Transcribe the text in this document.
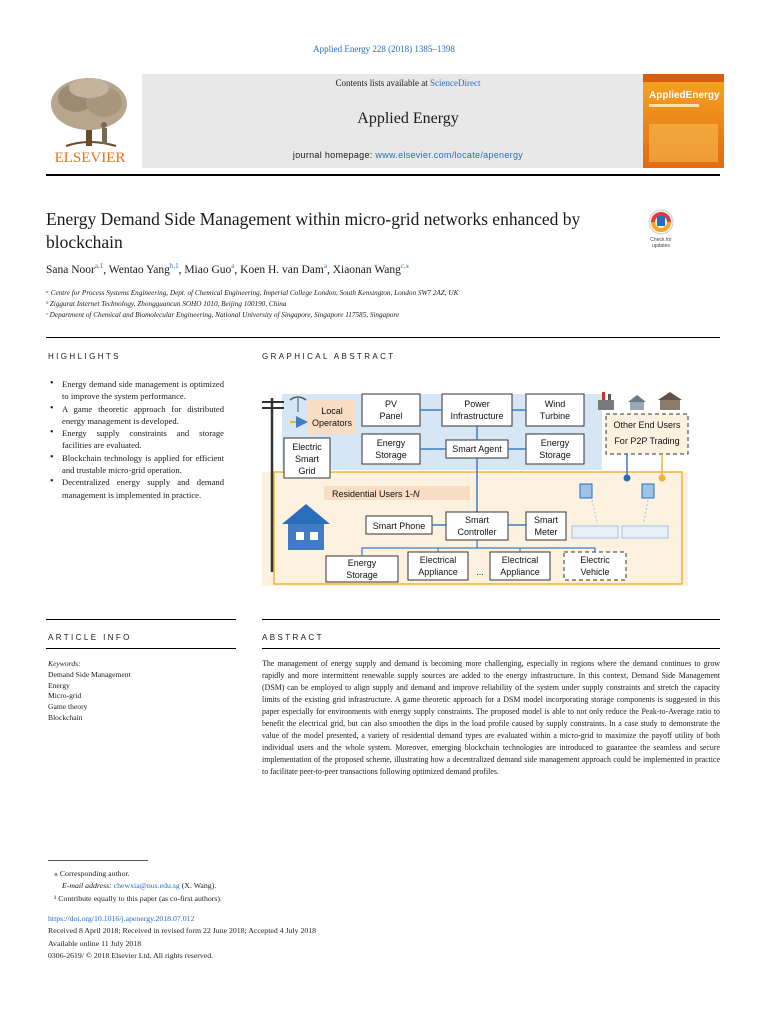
Applied Energy 228 (2018) 1385–1398
ELSEVIER
Contents lists available at ScienceDirect
Applied Energy
journal homepage: www.elsevier.com/locate/apenergy
AppliedEnergy
Energy Demand Side Management within micro-grid networks enhanced by blockchain	Check for
updates
Sana Noor$^{a,1}$, Wentao Yang$^{b,1}$, Miao Guo$^a$, Koen H. van Dam$^a$, Xiaonan Wang$^{c,⁎}$
ᵃ Centre for Process Systems Engineering, Dept. of Chemical Engineering, Imperial College London, South Kensington, London SW7 2AZ, UK
ᵇ Ziggurat Internet Technology, Zhongguancun SOHO 1010, Beijing 100190, China
ᶜ Department of Chemical and Biomolecular Engineering, National University of Singapore, Singapore 117585, Singapore
HIGHLIGHTS	GRAPHICAL ABSTRACT
• Energy demand side management is optimized to improve the system performance.
• A game theoretic approach for distributed energy management is developed.
• Energy supply constraints and storage facilities are evaluated.
• Blockchain technology is applied for efficient and trustable micro-grid operation.
• Decentralized energy supply and demand management is implemented in practice.
Local
Operators
Electric
Smart
Grid
PV
Panel
Power
Infrastructure
Wind
Turbine
Energy
Storage
Smart Agent
Energy
Storage
Other End Users
For P2P Trading
Residential Users 1-N
Smart Phone
Smart
Controller
Smart
Meter
Energy
Storage
Electrical
Appliance ...
Electrical
Appliance
Electric
Vehicle
ARTICLE INFO	ABSTRACT
Keywords:
Demand Side Management
Energy
Micro-grid
Game theory
Blockchain
The management of energy supply and demand is becoming more challenging, especially in regions where the demand continues to grow rapidly and more intermittent renewable supply sources are added to the energy infrastructure. In this context, Demand Side Management (DSM) can be employed to align supply and demand and improve reliability of the system under supply constraints and stretch the capacity limits of the existing grid infrastructure. A game theoretic approach for a DSM model incorporating storage components is suggested in this paper especially for environments with energy supply constraints. The proposed model is able to not only reduce the Peak-to-Average ratio to benefit the electrical grid, but can also smoothen the dips in the load profile caused by supply constraints. In a case study to demonstrate the value of the model presented, a variety of residential demand types are evaluated within a micro-grid to maximize the payoff utility of both individual users and the whole system. Moreover, emerging blockchain technologies are introduced to guarantee the seamless and secure implementation of the proposed scheme, illustrating how a decentralized demand side management approach could be implemented in practice to facilitate peer-to-peer transactions following optimized demand profiles.
⁎ Corresponding author.
E-mail address: chewxia@nus.edu.sg (X. Wang).
¹ Contribute equally to this paper (as co-first authors).
https://doi.org/10.1016/j.apenergy.2018.07.012
Received 8 April 2018; Received in revised form 22 June 2018; Accepted 4 July 2018
Available online 11 July 2018
0306-2619/ © 2018 Elsevier Ltd. All rights reserved.
